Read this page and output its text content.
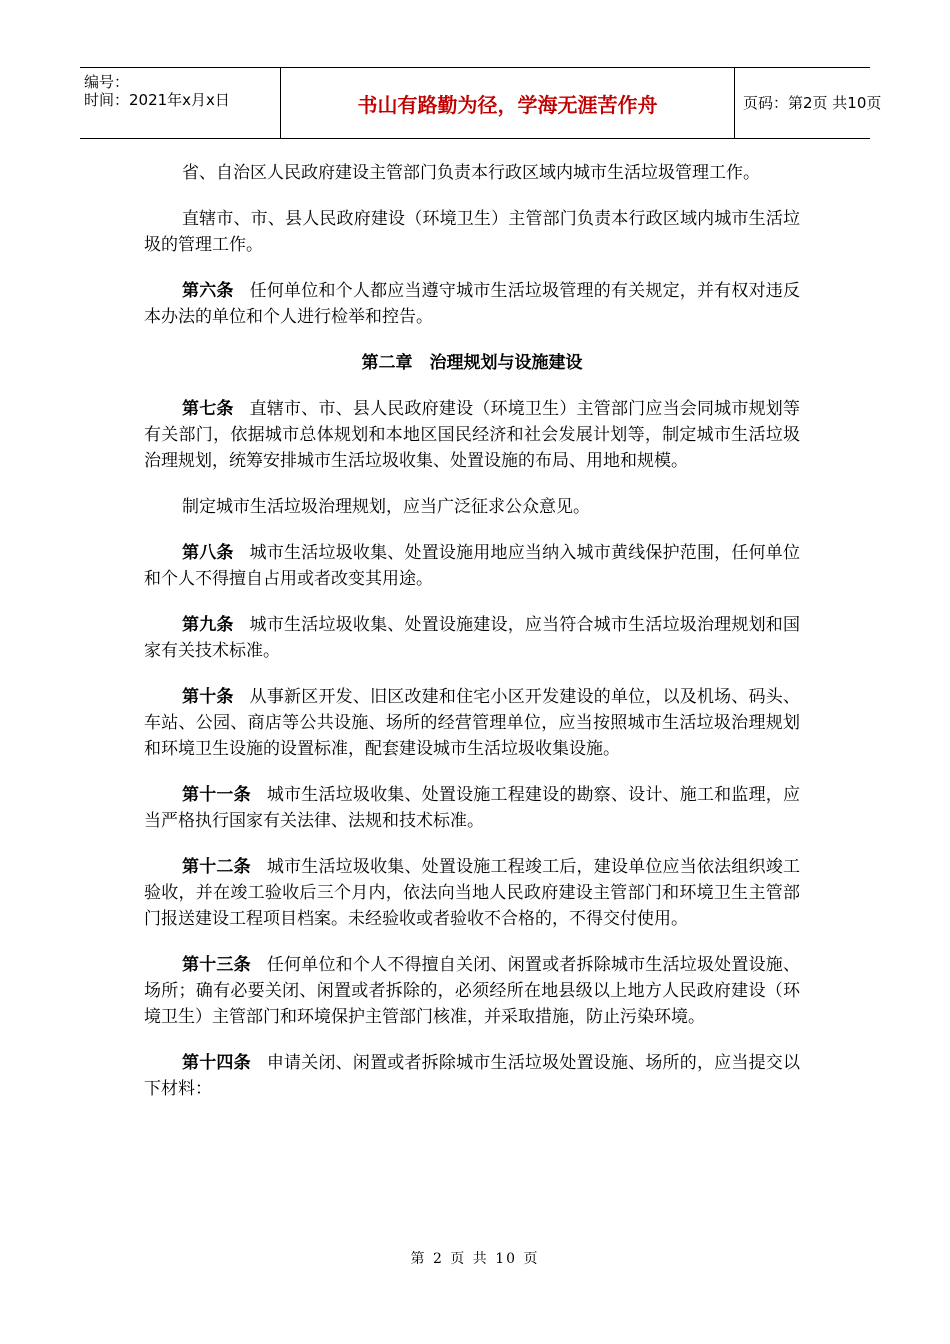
编号：
时间：2021年x月x日	书山有路勤为径，学海无涯苦作舟	页码：第2页 共10页

省、自治区人民政府建设主管部门负责本行政区域内城市生活垃圾管理工作。

直辖市、市、县人民政府建设（环境卫生）主管部门负责本行政区域内城市生活垃圾的管理工作。

第六条 任何单位和个人都应当遵守城市生活垃圾管理的有关规定，并有权对违反本办法的单位和个人进行检举和控告。

第二章　治理规划与设施建设

第七条 直辖市、市、县人民政府建设（环境卫生）主管部门应当会同城市规划等有关部门，依据城市总体规划和本地区国民经济和社会发展计划等，制定城市生活垃圾治理规划，统筹安排城市生活垃圾收集、处置设施的布局、用地和规模。

制定城市生活垃圾治理规划，应当广泛征求公众意见。

第八条 城市生活垃圾收集、处置设施用地应当纳入城市黄线保护范围，任何单位和个人不得擅自占用或者改变其用途。

第九条 城市生活垃圾收集、处置设施建设，应当符合城市生活垃圾治理规划和国家有关技术标准。

第十条 从事新区开发、旧区改建和住宅小区开发建设的单位，以及机场、码头、车站、公园、商店等公共设施、场所的经营管理单位，应当按照城市生活垃圾治理规划和环境卫生设施的设置标准，配套建设城市生活垃圾收集设施。

第十一条 城市生活垃圾收集、处置设施工程建设的勘察、设计、施工和监理，应当严格执行国家有关法律、法规和技术标准。

第十二条 城市生活垃圾收集、处置设施工程竣工后，建设单位应当依法组织竣工验收，并在竣工验收后三个月内，依法向当地人民政府建设主管部门和环境卫生主管部门报送建设工程项目档案。未经验收或者验收不合格的，不得交付使用。

第十三条 任何单位和个人不得擅自关闭、闲置或者拆除城市生活垃圾处置设施、场所；确有必要关闭、闲置或者拆除的，必须经所在地县级以上地方人民政府建设（环境卫生）主管部门和环境保护主管部门核准，并采取措施，防止污染环境。

第十四条 申请关闭、闲置或者拆除城市生活垃圾处置设施、场所的，应当提交以下材料：

第 2 页 共 10 页
